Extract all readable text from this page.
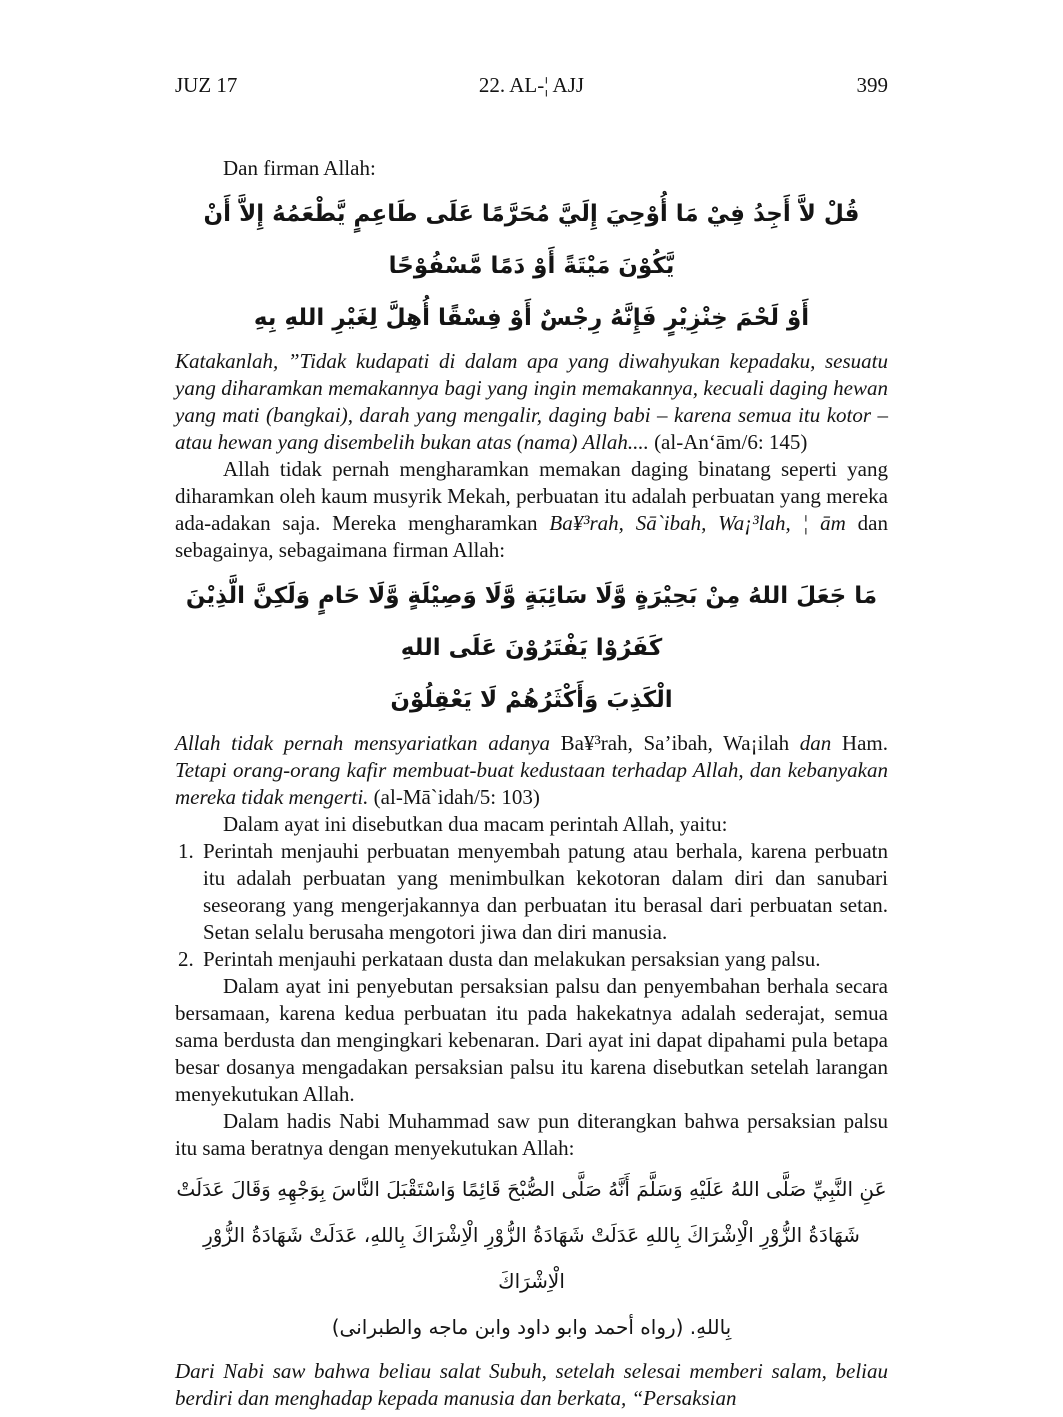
JUZ 17	22. AL-¦ AJJ	399

Dan firman Allah:

قُلْ لاَّ أَجِدُ فِيْ مَا أُوْحِيَ إِلَيَّ مُحَرَّمًا عَلَى طَاعِمٍ يَّطْعَمُهُ إِلاَّ أَنْ يَّكُوْنَ مَيْتَةً أَوْ دَمًا مَّسْفُوْحًا
أَوْ لَحْمَ خِنْزِيْرٍ فَإِنَّهُ رِجْسٌ أَوْ فِسْقًا أُهِلَّ لِغَيْرِ اللهِ بِهِ

Katakanlah, ”Tidak kudapati di dalam apa yang diwahyukan kepadaku, sesuatu yang diharamkan memakannya bagi yang ingin memakannya, kecuali daging hewan yang mati (bangkai), darah yang mengalir, daging babi – karena semua itu kotor – atau hewan yang disembelih bukan atas (nama) Allah.... (al-An‘ām/6: 145)

Allah tidak pernah mengharamkan memakan daging binatang seperti yang diharamkan oleh kaum musyrik Mekah, perbuatan itu adalah perbuatan yang mereka ada-adakan saja. Mereka mengharamkan Ba¥³rah, Sā`ibah, Wa¡³lah, ¦ ām dan sebagainya, sebagaimana firman Allah:

مَا جَعَلَ اللهُ مِنْ بَحِيْرَةٍ وَّلَا سَائِبَةٍ وَّلَا وَصِيْلَةٍ وَّلَا حَامٍ وَلَكِنَّ الَّذِيْنَ كَفَرُوْا يَفْتَرُوْنَ عَلَى اللهِ
الْكَذِبَ وَأَكْثَرُهُمْ لَا يَعْقِلُوْنَ

Allah tidak pernah mensyariatkan adanya Ba¥³rah, Sa’ibah, Wa¡ilah dan Ham. Tetapi orang-orang kafir membuat-buat kedustaan terhadap Allah, dan kebanyakan mereka tidak mengerti. (al-Mā`idah/5: 103)

Dalam ayat ini disebutkan dua macam perintah Allah, yaitu:

1. Perintah menjauhi perbuatan menyembah patung atau berhala, karena perbuatn itu adalah perbuatan yang menimbulkan kekotoran dalam diri dan sanubari seseorang yang mengerjakannya dan perbuatan itu berasal dari perbuatan setan. Setan selalu berusaha mengotori jiwa dan diri manusia.
2. Perintah menjauhi perkataan dusta dan melakukan persaksian yang palsu.

Dalam ayat ini penyebutan persaksian palsu dan penyembahan berhala secara bersamaan, karena kedua perbuatan itu pada hakekatnya adalah sederajat, semua sama berdusta dan mengingkari kebenaran. Dari ayat ini dapat dipahami pula betapa besar dosanya mengadakan persaksian palsu itu karena disebutkan setelah larangan menyekutukan Allah.

Dalam hadis Nabi Muhammad saw pun diterangkan bahwa persaksian palsu itu sama beratnya dengan menyekutukan Allah:

عَنِ النَّبِيِّ صَلَّى اللهُ عَلَيْهِ وَسَلَّمَ أَنَّهُ صَلَّى الصُّبْحَ قَائِمًا وَاسْتَقْبَلَ النَّاسَ بِوَجْهِهِ وَقَالَ عَدَلَتْ
شَهَادَةُ الزُّوْرِ الْاِشْرَاكَ بِاللهِ عَدَلَتْ شَهَادَةُ الزُّوْرِ الْاِشْرَاكَ بِاللهِ، عَدَلَتْ شَهَادَةُ الزُّوْرِ الْاِشْرَاكَ
بِاللهِ. (رواه أحمد وابو داود وابن ماجه والطبرانى)

Dari Nabi saw bahwa beliau salat Subuh, setelah selesai memberi salam, beliau berdiri dan menghadap kepada manusia dan berkata, “Persaksian
